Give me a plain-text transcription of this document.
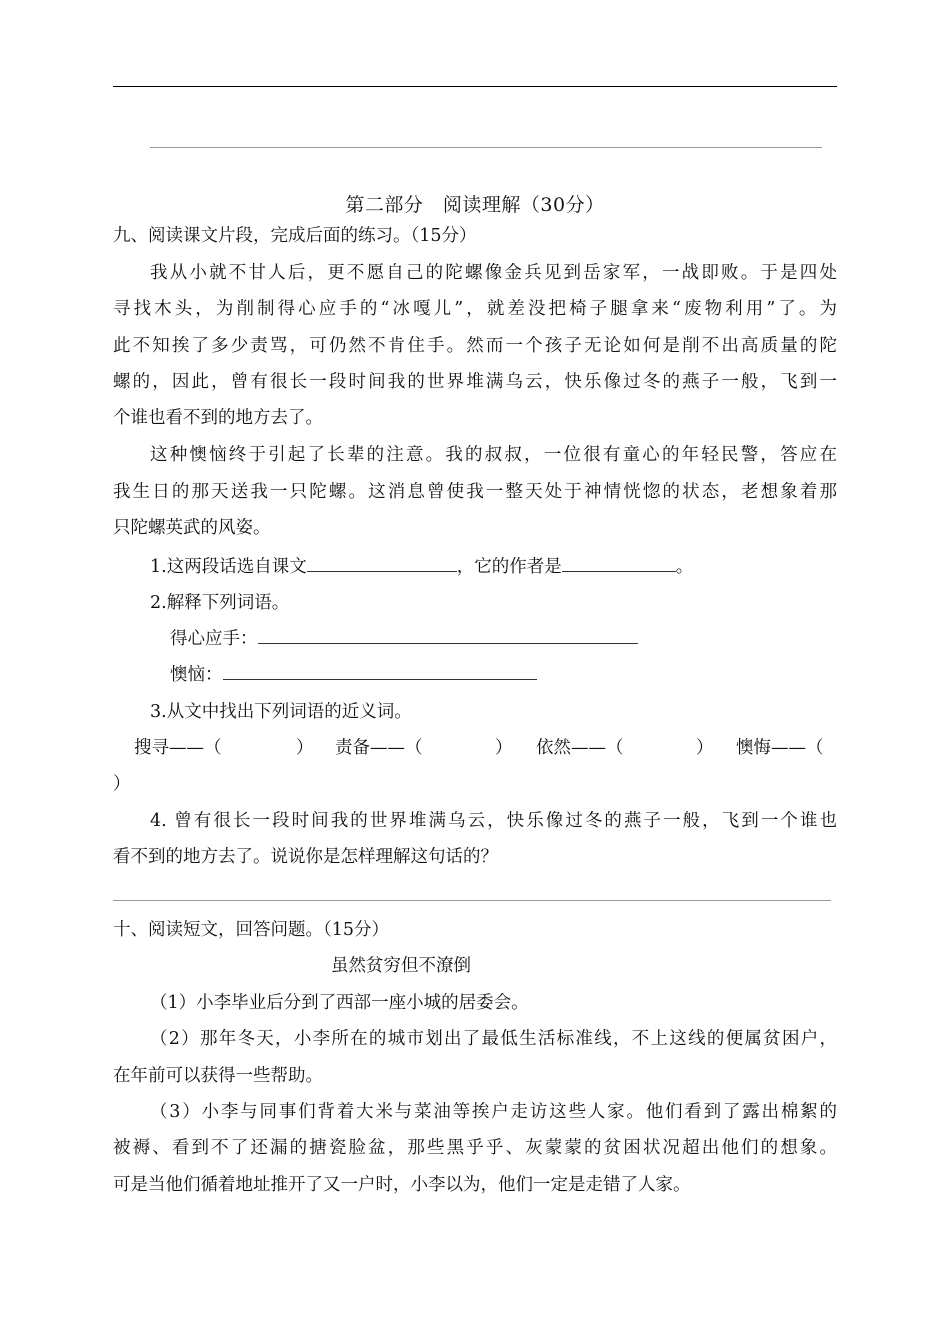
第二部分　阅读理解（30分）
九、阅读课文片段，完成后面的练习。（15分）
我从小就不甘人后，更不愿自己的陀螺像金兵见到岳家军，一战即败。于是四处
寻找木头，为削制得心应手的“冰嘎儿”，就差没把椅子腿拿来“废物利用”了。为
此不知挨了多少责骂，可仍然不肯住手。然而一个孩子无论如何是削不出高质量的陀
螺的，因此，曾有很长一段时间我的世界堆满乌云，快乐像过冬的燕子一般，飞到一
个谁也看不到的地方去了。
这种懊恼终于引起了长辈的注意。我的叔叔，一位很有童心的年轻民警，答应在
我生日的那天送我一只陀螺。这消息曾使我一整天处于神情恍惚的状态，老想象着那
只陀螺英武的风姿。
1.这两段话选自课文	，它的作者是	。
2.解释下列词语。
得心应手：
懊恼：
3.从文中找出下列词语的近义词。
搜寻——（	） 责备——（	） 依然——（	） 懊悔——（
）
4. 曾有很长一段时间我的世界堆满乌云，快乐像过冬的燕子一般，飞到一个谁也
看不到的地方去了。说说你是怎样理解这句话的？
十、阅读短文，回答问题。（15分）
虽然贫穷但不潦倒
（1）小李毕业后分到了西部一座小城的居委会。
（2）那年冬天，小李所在的城市划出了最低生活标准线，不上这线的便属贫困户，
在年前可以获得一些帮助。
（3）小李与同事们背着大米与菜油等挨户走访这些人家。他们看到了露出棉絮的
被褥、看到不了还漏的搪瓷脸盆，那些黑乎乎、灰蒙蒙的贫困状况超出他们的想象。
可是当他们循着地址推开了又一户时，小李以为，他们一定是走错了人家。
